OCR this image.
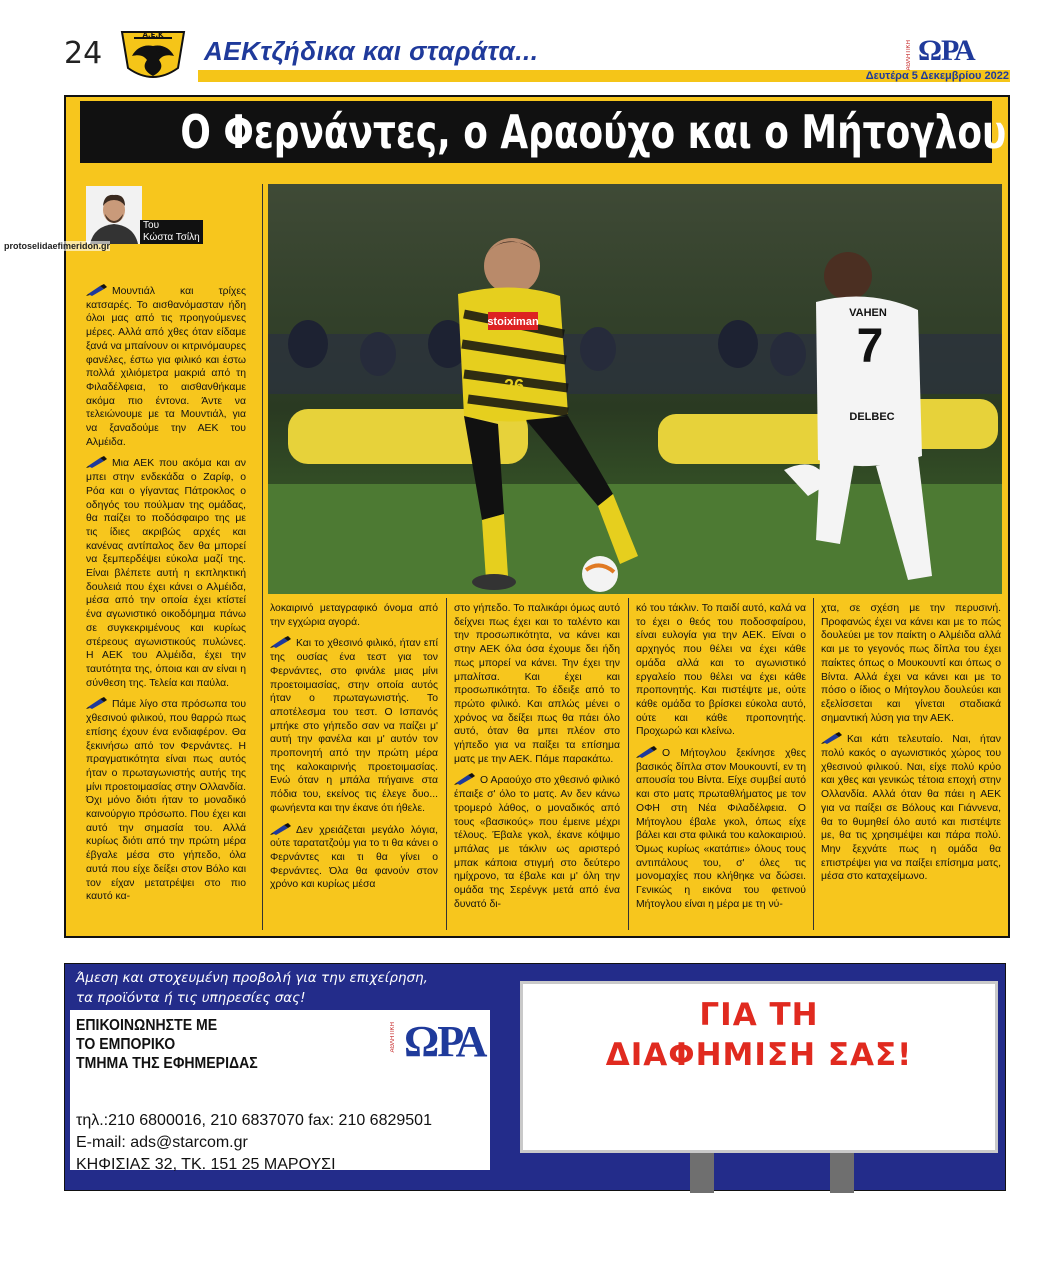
24
Α.Ε.Κ
ΑΕΚτζήδικα και σταράτα...	ΑΘΛΗΤΙΚΗ ΩΡΑ
Δευτέρα 5 Δεκεμβρίου 2022
Ο Φερνάντες, ο Αραούχο και ο Μήτογλου
Του
Κώστα Τσίλη
protoselidaefimeridon.gr
stoiximan
26
7
VAHEN
DELBEC

Μουντιάλ και τρίχες κατσαρές. Το αισθανόμασταν ήδη όλοι μας από τις προηγούμενες μέρες. Αλλά από χθες όταν είδαμε ξανά να μπαίνουν οι κιτρινόμαυρες φανέλες, έστω για φιλικό και έστω πολλά χιλιόμετρα μακριά από τη Φιλαδέλφεια, το αισθανθήκαμε ακόμα πιο έντονα. Άντε να τελειώνουμε με τα Μουντιάλ, για να ξαναδούμε την ΑΕΚ του Αλμέιδα.

Μια ΑΕΚ που ακόμα και αν μπει στην ενδεκάδα ο Ζαρίφ, ο Ρόα και ο γίγαντας Πάτροκλος ο οδηγός του πούλμαν της ομάδας, θα παίζει το ποδόσφαιρο της με τις ίδιες ακριβώς αρχές και κανένας αντίπαλος δεν θα μπορεί να ξεμπερδέψει εύκολα μαζί της. Είναι βλέπετε αυτή η εκπληκτική δουλειά που έχει κάνει ο Αλμέιδα, μέσα από την οποία έχει κτίστεί ένα αγωνιστικό οικοδόμημα πάνω σε συγκεκριμένους και κυρίως στέρεους αγωνιστικούς πυλώνες. Η ΑΕΚ του Αλμέιδα, έχει την ταυτότητα της, όποια και αν είναι η σύνθεση της. Τελεία και παύλα.

Πάμε λίγο στα πρόσωπα του χθεσινού φιλικού, που θαρρώ πως επίσης έχουν ένα ενδιαφέρον. Θα ξεκινήσω από τον Φερνάντες. Η πραγματικότητα είναι πως αυτός ήταν ο πρωταγωνιστής αυτής της μίνι προετοιμασίας στην Ολλανδία. Όχι μόνο διότι ήταν το μοναδικό καινούργιο πρόσωπο. Που έχει και αυτό την σημασία του. Αλλά κυρίως διότι από την πρώτη μέρα έβγαλε μέσα στο γήπεδο, όλα αυτά που είχε δείξει στον Βόλο και τον είχαν μετατρέψει στο πιο καυτό κα-

λοκαιρινό μεταγραφικό όνομα από την εγχώρια αγορά.

Και το χθεσινό φιλικό, ήταν επί της ουσίας ένα τεστ για τον Φερνάντες, στο φινάλε μιας μίνι προετοιμασίας, στην οποία αυτός ήταν ο πρωταγωνιστής. Το αποτέλεσμα του τεστ. Ο Ισπανός μπήκε στο γήπεδο σαν να παίζει μ' αυτή την φανέλα και μ' αυτόν τον προπονητή από την πρώτη μέρα της καλοκαιρινής προετοιμασίας. Ενώ όταν η μπάλα πήγαινε στα πόδια του, εκείνος τις έλεγε δυο... φωνήεντα και την έκανε ότι ήθελε.

Δεν χρειάζεται μεγάλο λόγια, ούτε ταρατατζούμ για το τι θα κάνει ο Φερνάντες και τι θα γίνει ο Φερνάντες. Όλα θα φανούν στον χρόνο και κυρίως μέσα

στο γήπεδο. Το παλικάρι όμως αυτό δείχνει πως έχει και το ταλέντο και την προσωπικότητα, να κάνει και στην ΑΕΚ όλα όσα έχουμε δει ήδη πως μπορεί να κάνει. Την έχει την μπαλίτσα. Και έχει και προσωπικότητα. Το έδειξε από το πρώτο φιλικό. Και απλώς μένει ο χρόνος να δείξει πως θα πάει όλο αυτό, όταν θα μπει πλέον στο γήπεδο για να παίξει τα επίσημα ματς με την ΑΕΚ. Πάμε παρακάτω.

Ο Αραούχο στο χθεσινό φιλικό έπαιξε σ' όλο το ματς. Αν δεν κάνω τρομερό λάθος, ο μοναδικός από τους «βασικούς» που έμεινε μέχρι τέλους. Έβαλε γκολ, έκανε κόψιμο μπάλας με τάκλιν ως αριστερό μπακ κάποια στιγμή στο δεύτερο ημίχρονο, τα έβαλε και μ' όλη την ομάδα της Σερένγκ μετά από ένα δυνατό δι-

κό του τάκλιν. Το παιδί αυτό, καλά να το έχει ο θεός του ποδοσφαίρου, είναι ευλογία για την ΑΕΚ. Είναι ο αρχηγός που θέλει να έχει κάθε ομάδα αλλά και το αγωνιστικό εργαλείο που θέλει να έχει κάθε προπονητής. Και πιστέψτε με, ούτε κάθε ομάδα το βρίσκει εύκολα αυτό, ούτε και κάθε προπονητής. Προχωρώ και κλείνω.

Ο Μήτογλου ξεκίνησε χθες βασικός δίπλα στον Μουκουντί, εν τη απουσία του Βίντα. Είχε συμβεί αυτό και στο ματς πρωταθλήματος με τον ΟΦΗ στη Νέα Φιλαδέλφεια. Ο Μήτογλου έβαλε γκολ, όπως είχε βάλει και στα φιλικά του καλοκαιριού. Όμως κυρίως «κατάπιε» όλους τους αντιπάλους του, σ' όλες τις μονομαχίες που κλήθηκε να δώσει. Γενικώς η εικόνα του φετινού Μήτογλου είναι η μέρα με τη νύ-

χτα, σε σχέση με την περυσινή. Προφανώς έχει να κάνει και με το πώς δουλεύει με τον παίκτη ο Αλμέιδα αλλά και με το γεγονός πως δίπλα του έχει παίκτες όπως ο Μουκουντί και όπως ο Βίντα. Αλλά έχει να κάνει και με το πόσο ο ίδιος ο Μήτογλου δουλεύει και εξελίσσεται και γίνεται σταδιακά σημαντική λύση για την ΑΕΚ.

Και κάτι τελευταίο. Ναι, ήταν πολύ κακός ο αγωνιστικός χώρος του χθεσινού φιλικού. Ναι, είχε πολύ κρύο και χθες και γενικώς τέτοια εποχή στην Ολλανδία. Αλλά όταν θα πάει η ΑΕΚ για να παίξει σε Βόλους και Γιάννενα, θα το θυμηθεί όλο αυτό και πιστέψτε με, θα τις χρησιμέψει και πάρα πολύ. Μην ξεχνάτε πως η ομάδα θα επιστρέψει για να παίξει επίσημα ματς, μέσα στο καταχείμωνο.

Άμεση και στοχευμένη προβολή για την επιχείρηση,
τα προϊόντα ή τις υπηρεσίες σας!
ΕΠΙΚΟΙΝΩΝΗΣΤΕ ΜΕ
ΤΟ ΕΜΠΟΡΙΚΟ
ΤΜΗΜΑ ΤΗΣ ΕΦΗΜΕΡΙΔΑΣ
ΑΘΛΗΤΙΚΗ ΩΡΑ
τηλ.:210 6800016, 210 6837070 fax: 210 6829501
E-mail: ads@starcom.gr
ΚΗΦΙΣΙΑΣ 32, ΤΚ. 151 25 ΜΑΡΟΥΣΙ
ΓΙΑ ΤΗ
ΔΙΑΦΗΜΙΣΗ ΣΑΣ!
